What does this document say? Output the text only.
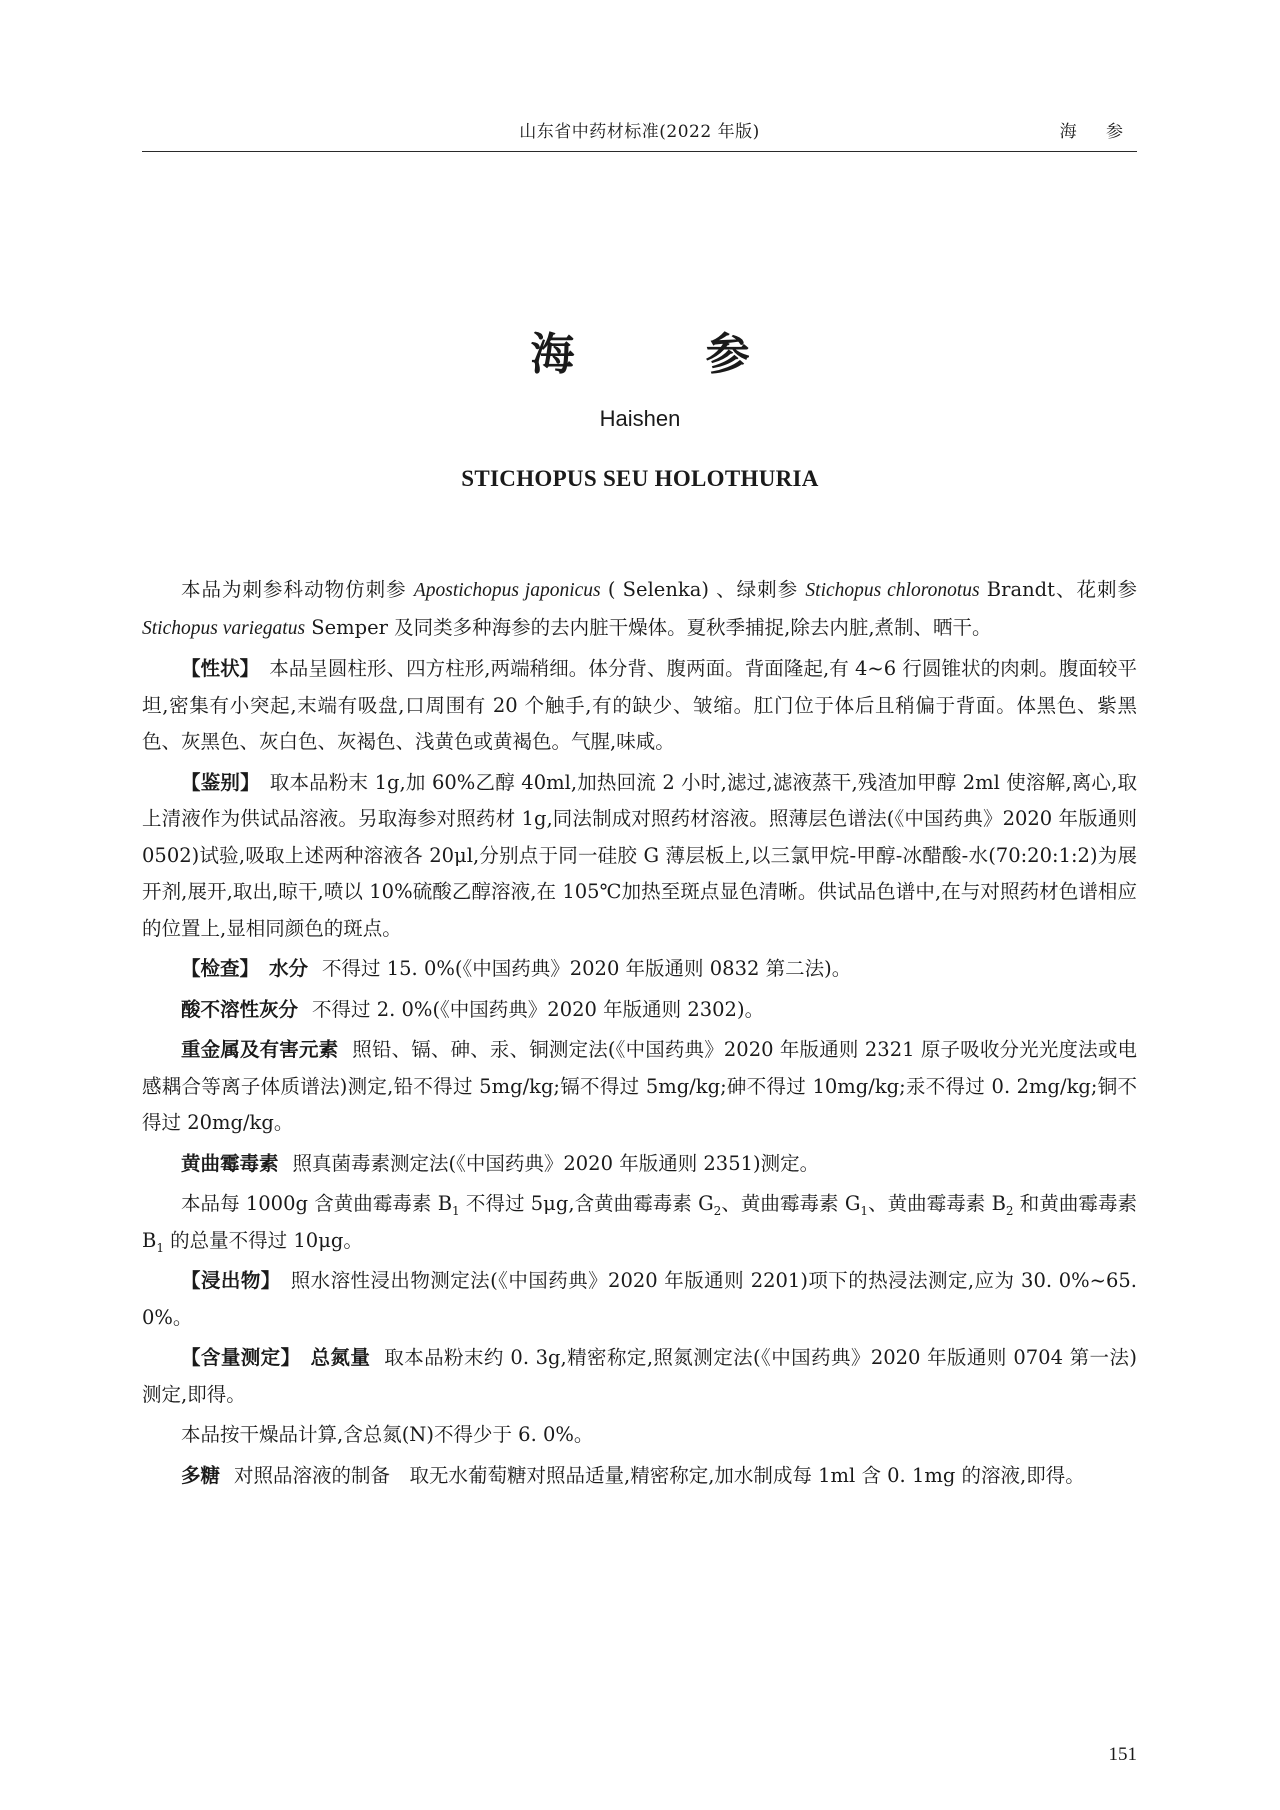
山东省中药材标准(2022 年版)	海 参
海 参
Haishen
STICHOPUS SEU HOLOTHURIA

本品为刺参科动物仿刺参 Apostichopus japonicus ( Selenka) 、绿刺参 Stichopus chloronotus Brandt、花刺参 Stichopus variegatus Semper 及同类多种海参的去内脏干燥体。夏秋季捕捉,除去内脏,煮制、晒干。

【性状】 本品呈圆柱形、四方柱形,两端稍细。体分背、腹两面。背面隆起,有 4~6 行圆锥状的肉刺。腹面较平坦,密集有小突起,末端有吸盘,口周围有 20 个触手,有的缺少、皱缩。肛门位于体后且稍偏于背面。体黑色、紫黑色、灰黑色、灰白色、灰褐色、浅黄色或黄褐色。气腥,味咸。

【鉴别】 取本品粉末 1g,加 60%乙醇 40ml,加热回流 2 小时,滤过,滤液蒸干,残渣加甲醇 2ml 使溶解,离心,取上清液作为供试品溶液。另取海参对照药材 1g,同法制成对照药材溶液。照薄层色谱法(《中国药典》2020 年版通则 0502)试验,吸取上述两种溶液各 20μl,分别点于同一硅胶 G 薄层板上,以三氯甲烷-甲醇-冰醋酸-水(70:20:1:2)为展开剂,展开,取出,晾干,喷以 10%硫酸乙醇溶液,在 105℃加热至斑点显色清晰。供试品色谱中,在与对照药材色谱相应的位置上,显相同颜色的斑点。

【检查】 水分 不得过 15. 0%(《中国药典》2020 年版通则 0832 第二法)。

酸不溶性灰分 不得过 2. 0%(《中国药典》2020 年版通则 2302)。

重金属及有害元素 照铅、镉、砷、汞、铜测定法(《中国药典》2020 年版通则 2321 原子吸收分光光度法或电感耦合等离子体质谱法)测定,铅不得过 5mg/kg;镉不得过 5mg/kg;砷不得过 10mg/kg;汞不得过 0. 2mg/kg;铜不得过 20mg/kg。

黄曲霉毒素 照真菌毒素测定法(《中国药典》2020 年版通则 2351)测定。

本品每 1000g 含黄曲霉毒素 $B_1$ 不得过 5μg,含黄曲霉毒素 $G_2$、黄曲霉毒素 $G_1$、黄曲霉毒素 $B_2$ 和黄曲霉毒素 $B_1$ 的总量不得过 10μg。

【浸出物】 照水溶性浸出物测定法(《中国药典》2020 年版通则 2201)项下的热浸法测定,应为 30. 0%~65. 0%。

【含量测定】 总氮量 取本品粉末约 0. 3g,精密称定,照氮测定法(《中国药典》2020 年版通则 0704 第一法)测定,即得。

本品按干燥品计算,含总氮(N)不得少于 6. 0%。

多糖 对照品溶液的制备　取无水葡萄糖对照品适量,精密称定,加水制成每 1ml 含 0. 1mg 的溶液,即得。

151
